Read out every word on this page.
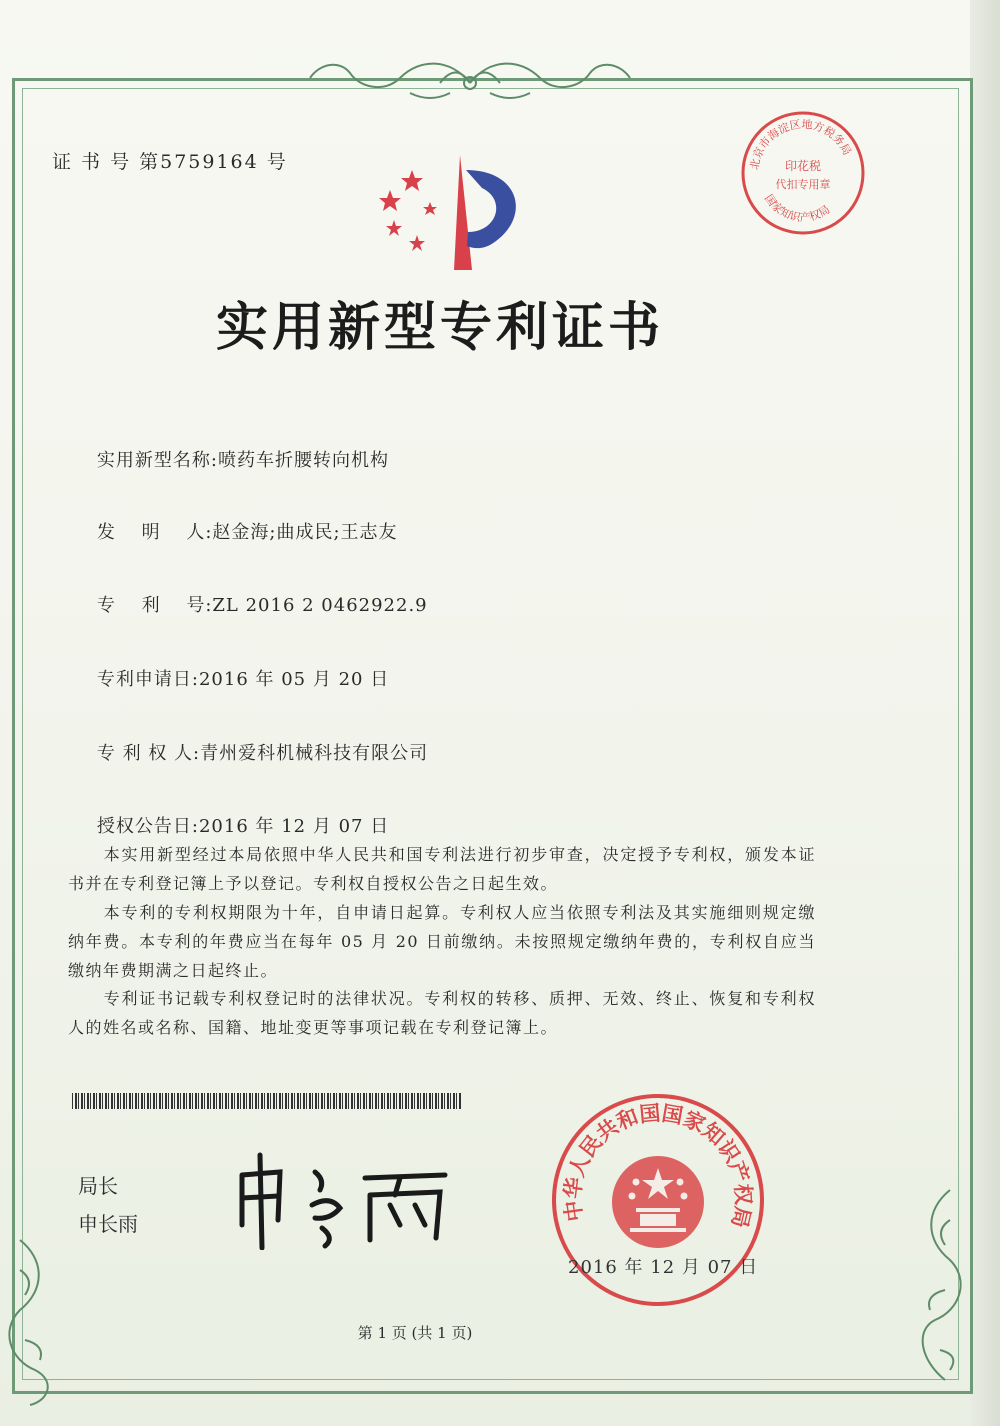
证 书 号 第5759164 号	北京市海淀区地方税务局
国家知识产权局
印花税
代扣专用章
实用新型专利证书

实用新型名称:喷药车折腰转向机构

发　 明　 人:赵金海;曲成民;王志友

专　 利　 号:ZL 2016 2 0462922.9

专利申请日:2016 年 05 月 20 日

专 利 权 人:青州爱科机械科技有限公司

授权公告日:2016 年 12 月 07 日

　　本实用新型经过本局依照中华人民共和国专利法进行初步审查，决定授予专利权，颁发本证书并在专利登记簿上予以登记。专利权自授权公告之日起生效。
　　本专利的专利权期限为十年，自申请日起算。专利权人应当依照专利法及其实施细则规定缴纳年费。本专利的年费应当在每年 05 月 20 日前缴纳。未按照规定缴纳年费的，专利权自应当缴纳年费期满之日起终止。
　　专利证书记载专利权登记时的法律状况。专利权的转移、质押、无效、终止、恢复和专利权人的姓名或名称、国籍、地址变更等事项记载在专利登记簿上。
局长
申长雨
中华人民共和国国家知识产权局
2016 年 12 月 07 日
第 1 页 (共 1 页)
